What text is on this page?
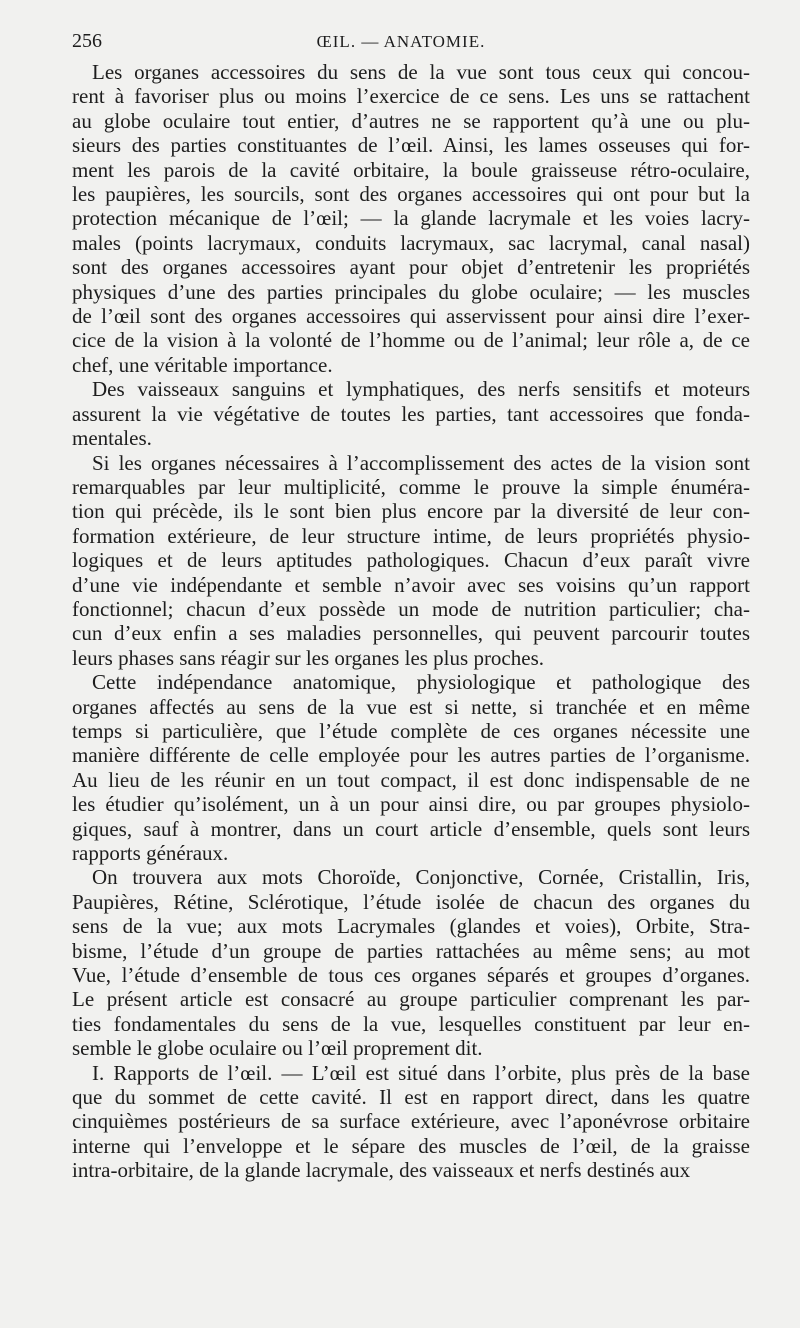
256	ŒIL. — ANATOMIE.

Les organes accessoires du sens de la vue sont tous ceux qui concou-
rent à favoriser plus ou moins l’exercice de ce sens. Les uns se rattachent
au globe oculaire tout entier, d’autres ne se rapportent qu’à une ou plu-
sieurs des parties constituantes de l’œil. Ainsi, les lames osseuses qui for-
ment les parois de la cavité orbitaire, la boule graisseuse rétro-oculaire,
les paupières, les sourcils, sont des organes accessoires qui ont pour but la
protection mécanique de l’œil; — la glande lacrymale et les voies lacry-
males (points lacrymaux, conduits lacrymaux, sac lacrymal, canal nasal)
sont des organes accessoires ayant pour objet d’entretenir les propriétés
physiques d’une des parties principales du globe oculaire; — les muscles
de l’œil sont des organes accessoires qui asservissent pour ainsi dire l’exer-
cice de la vision à la volonté de l’homme ou de l’animal; leur rôle a, de ce
chef, une véritable importance.

Des vaisseaux sanguins et lymphatiques, des nerfs sensitifs et moteurs
assurent la vie végétative de toutes les parties, tant accessoires que fonda-
mentales.

Si les organes nécessaires à l’accomplissement des actes de la vision sont
remarquables par leur multiplicité, comme le prouve la simple énuméra-
tion qui précède, ils le sont bien plus encore par la diversité de leur con-
formation extérieure, de leur structure intime, de leurs propriétés physio-
logiques et de leurs aptitudes pathologiques. Chacun d’eux paraît vivre
d’une vie indépendante et semble n’avoir avec ses voisins qu’un rapport
fonctionnel; chacun d’eux possède un mode de nutrition particulier; cha-
cun d’eux enfin a ses maladies personnelles, qui peuvent parcourir toutes
leurs phases sans réagir sur les organes les plus proches.

Cette indépendance anatomique, physiologique et pathologique des
organes affectés au sens de la vue est si nette, si tranchée et en même
temps si particulière, que l’étude complète de ces organes nécessite une
manière différente de celle employée pour les autres parties de l’organisme.
Au lieu de les réunir en un tout compact, il est donc indispensable de ne
les étudier qu’isolément, un à un pour ainsi dire, ou par groupes physiolo-
giques, sauf à montrer, dans un court article d’ensemble, quels sont leurs
rapports généraux.

On trouvera aux mots Choroïde, Conjonctive, Cornée, Cristallin, Iris,
Paupières, Rétine, Sclérotique, l’étude isolée de chacun des organes du
sens de la vue; aux mots Lacrymales (glandes et voies), Orbite, Stra-
bisme, l’étude d’un groupe de parties rattachées au même sens; au mot
Vue, l’étude d’ensemble de tous ces organes séparés et groupes d’organes.
Le présent article est consacré au groupe particulier comprenant les par-
ties fondamentales du sens de la vue, lesquelles constituent par leur en-
semble le globe oculaire ou l’œil proprement dit.

I. Rapports de l’œil. — L’œil est situé dans l’orbite, plus près de la base
que du sommet de cette cavité. Il est en rapport direct, dans les quatre
cinquièmes postérieurs de sa surface extérieure, avec l’aponévrose orbitaire
interne qui l’enveloppe et le sépare des muscles de l’œil, de la graisse
intra-orbitaire, de la glande lacrymale, des vaisseaux et nerfs destinés aux
